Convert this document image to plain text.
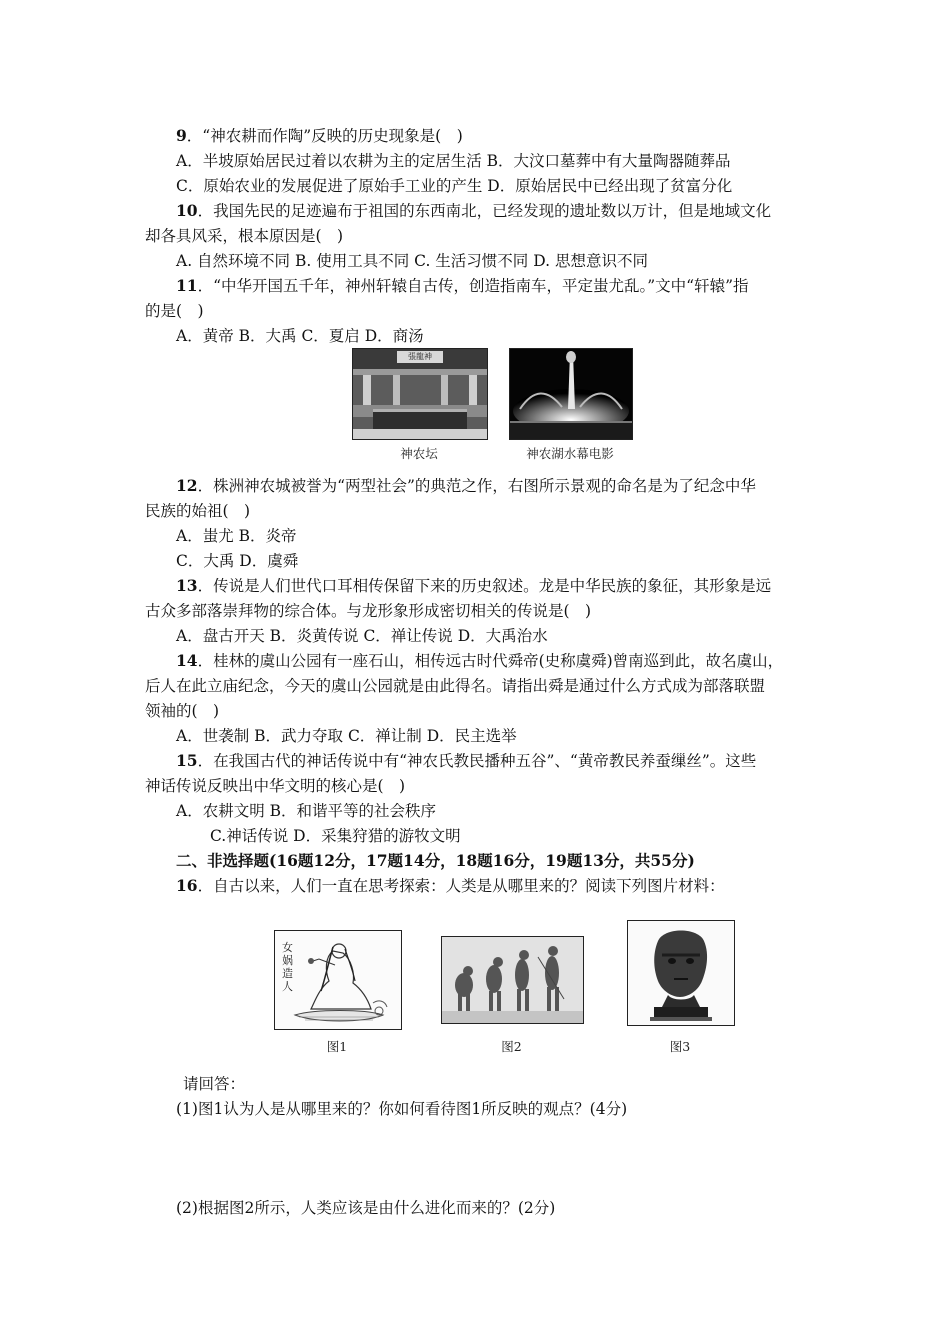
9．“神农耕而作陶”反映的历史现象是(　)
A．半坡原始居民过着以农耕为主的定居生活 B．大汶口墓葬中有大量陶器随葬品
C．原始农业的发展促进了原始手工业的产生 D．原始居民中已经出现了贫富分化
10．我国先民的足迹遍布于祖国的东西南北，已经发现的遗址数以万计，但是地域文化
却各具风采，根本原因是(　)
A. 自然环境不同 B. 使用工具不同 C. 生活习惯不同 D. 思想意识不同
11．“中华开国五千年，神州轩辕自古传，创造指南车，平定蚩尤乱。”文中“轩辕”指
的是(　)
A．黄帝 B．大禹 C．夏启 D．商汤
張龍神
神农坛	神农湖水幕电影
12．株洲神农城被誉为“两型社会”的典范之作，右图所示景观的命名是为了纪念中华
民族的始祖(　)
A．蚩尤 B．炎帝
C．大禹 D．虞舜
13．传说是人们世代口耳相传保留下来的历史叙述。龙是中华民族的象征，其形象是远
古众多部落崇拜物的综合体。与龙形象形成密切相关的传说是(　)
A．盘古开天 B．炎黄传说 C．禅让传说 D．大禹治水
14．桂林的虞山公园有一座石山，相传远古时代舜帝(史称虞舜)曾南巡到此，故名虞山，
后人在此立庙纪念，今天的虞山公园就是由此得名。请指出舜是通过什么方式成为部落联盟
领袖的(　)
A．世袭制 B．武力夺取 C．禅让制 D．民主选举
15．在我国古代的神话传说中有“神农氏教民播种五谷”、“黄帝教民养蚕缫丝”。这些
神话传说反映出中华文明的核心是(　)
A．农耕文明 B．和谐平等的社会秩序
C.神话传说 D．采集狩猎的游牧文明
二、非选择题(16题12分，17题14分，18题16分，19题13分，共55分)
16．自古以来，人们一直在思考探索：人类是从哪里来的？阅读下列图片材料：
女娲造人
图1	图2	图3
请回答：
(1)图1认为人是从哪里来的？你如何看待图1所反映的观点？(4分)
(2)根据图2所示，人类应该是由什么进化而来的？(2分)
